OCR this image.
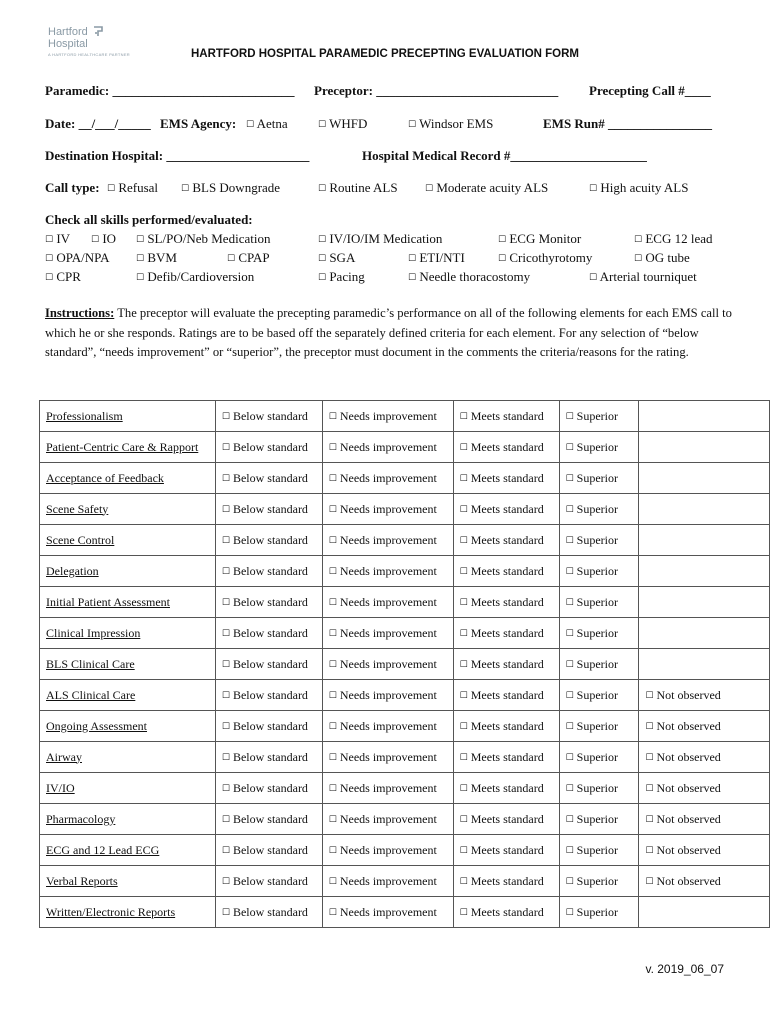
Hartford
Hospital
A HARTFORD HEALTHCARE PARTNER	HARTFORD HOSPITAL PARAMEDIC PRECEPTING EVALUATION FORM
Paramedic: ____________________________ Preceptor: ____________________________ Precepting Call #____
Date: __/___/_____ EMS Agency: ☐ Aetna	☐ WHFD	☐ Windsor EMS	EMS Run# ________________
Destination Hospital: ______________________	Hospital Medical Record #_____________________
Call type: ☐ Refusal	☐ BLS Downgrade	☐ Routine ALS	☐ Moderate acuity ALS	☐ High acuity ALS
Check all skills performed/evaluated:
☐ IV ☐ IO ☐ SL/PO/Neb Medication	☐ IV/IO/IM Medication	☐ ECG Monitor	☐ ECG 12 lead
☐ OPA/NPA	☐ BVM	☐ CPAP	☐ SGA	☐ ETI/NTI	☐ Cricothyrotomy	☐ OG tube
☐ CPR	☐ Defib/Cardioversion	☐ Pacing	☐ Needle thoracostomy	☐ Arterial tourniquet
Instructions: The preceptor will evaluate the precepting paramedic’s performance on all of the following elements for each EMS call to which he or she responds. Ratings are to be based off the separately defined criteria for each element. For any selection of “below standard”, “needs improvement” or “superior”, the preceptor must document in the comments the criteria/reasons for the rating.
Professionalism	☐ Below standard	☐ Needs improvement	☐ Meets standard	☐ Superior	
Patient-Centric Care & Rapport	☐ Below standard	☐ Needs improvement	☐ Meets standard	☐ Superior	
Acceptance of Feedback	☐ Below standard	☐ Needs improvement	☐ Meets standard	☐ Superior	
Scene Safety	☐ Below standard	☐ Needs improvement	☐ Meets standard	☐ Superior	
Scene Control	☐ Below standard	☐ Needs improvement	☐ Meets standard	☐ Superior	
Delegation	☐ Below standard	☐ Needs improvement	☐ Meets standard	☐ Superior	
Initial Patient Assessment	☐ Below standard	☐ Needs improvement	☐ Meets standard	☐ Superior	
Clinical Impression	☐ Below standard	☐ Needs improvement	☐ Meets standard	☐ Superior	
BLS Clinical Care	☐ Below standard	☐ Needs improvement	☐ Meets standard	☐ Superior	
ALS Clinical Care	☐ Below standard	☐ Needs improvement	☐ Meets standard	☐ Superior	☐ Not observed
Ongoing Assessment	☐ Below standard	☐ Needs improvement	☐ Meets standard	☐ Superior	☐ Not observed
Airway	☐ Below standard	☐ Needs improvement	☐ Meets standard	☐ Superior	☐ Not observed
IV/IO	☐ Below standard	☐ Needs improvement	☐ Meets standard	☐ Superior	☐ Not observed
Pharmacology	☐ Below standard	☐ Needs improvement	☐ Meets standard	☐ Superior	☐ Not observed
ECG and 12 Lead ECG	☐ Below standard	☐ Needs improvement	☐ Meets standard	☐ Superior	☐ Not observed
Verbal Reports	☐ Below standard	☐ Needs improvement	☐ Meets standard	☐ Superior	☐ Not observed
Written/Electronic Reports	☐ Below standard	☐ Needs improvement	☐ Meets standard	☐ Superior	
v. 2019_06_07
